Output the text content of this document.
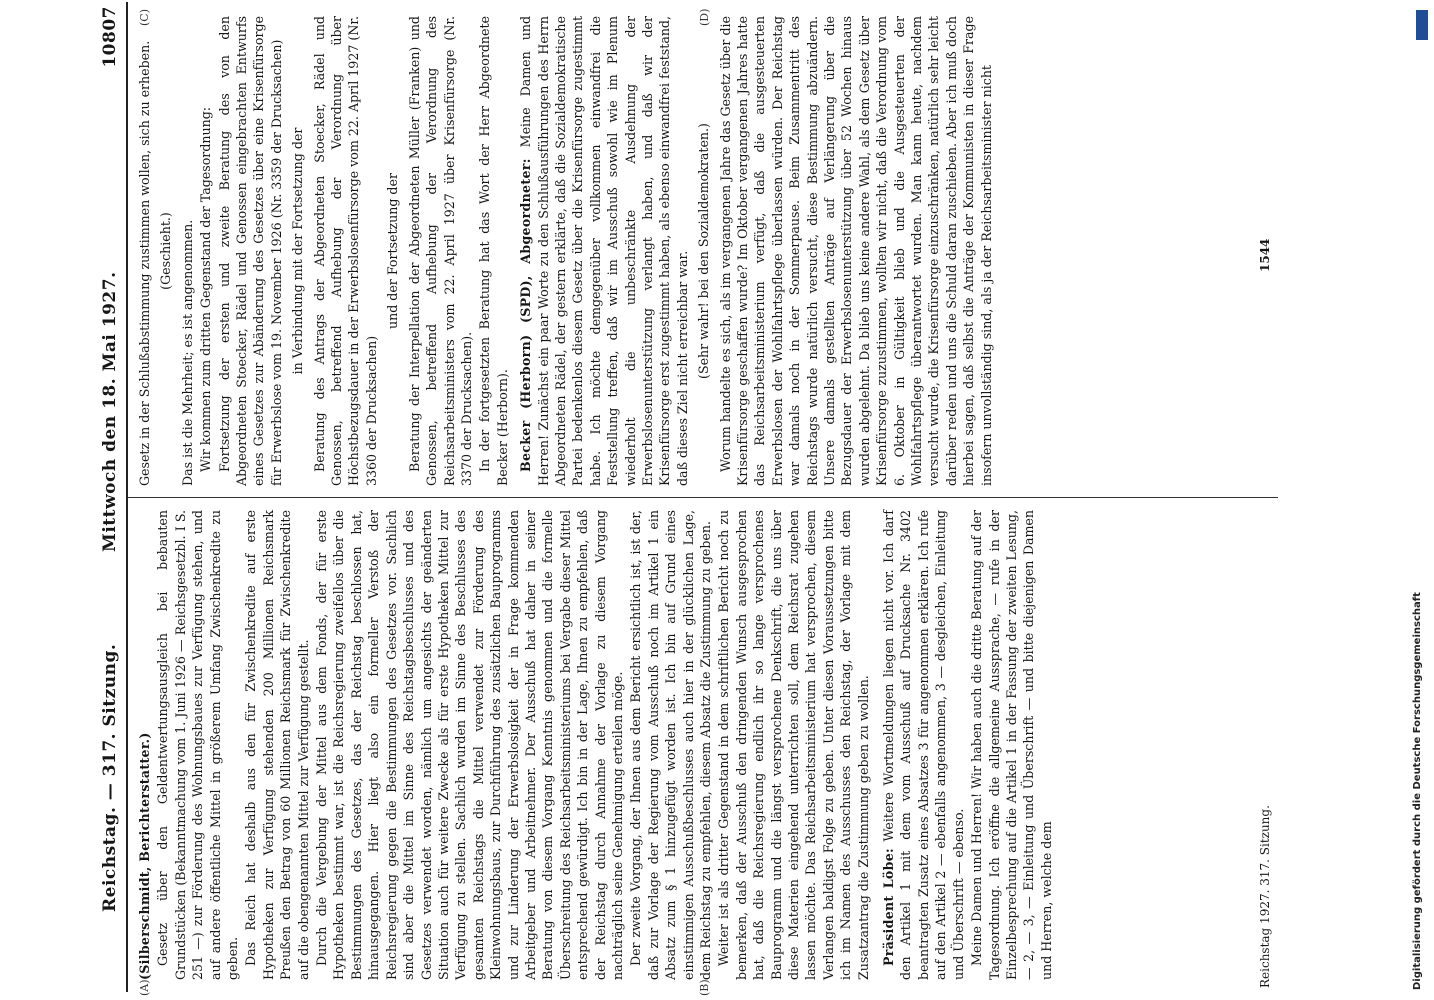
Reichstag. — 317. Sitzung.
Mittwoch den 18. Mai 1927.
10807
(A)	(B)
(C)	(D)

(Silberschmidt, Berichterstatter.) Gesetz über den Geldentwertungsausgleich bei bebauten Grundstücken (Bekanntmachung vom 1. Juni 1926 — Reichsgesetzbl. I S. 251 —) zur Förderung des Wohnungsbaues zur Verfügung stehen, und auf andere öffentliche Mittel in größerem Umfang Zwischenkredite zu geben. Das Reich hat deshalb aus den für Zwischenkredite auf erste Hypotheken zur Verfügung stehenden 200 Millionen Reichsmark Preußen den Betrag von 60 Millionen Reichsmark für Zwischenkredite auf die obengenannten Mittel zur Verfügung gestellt. Durch die Vergebung der Mittel aus dem Fonds, der für erste Hypotheken bestimmt war, ist die Reichsregierung zweifellos über die Bestimmungen des Gesetzes, das der Reichstag beschlossen hat, hinausgegangen. Hier liegt also ein formeller Verstoß der Reichsregierung gegen die Bestimmungen des Gesetzes vor. Sachlich sind aber die Mittel im Sinne des Reichstagsbeschlusses und des Gesetzes verwendet worden, nämlich um angesichts der geänderten Situation auch für weitere Zwecke als für erste Hypotheken Mittel zur Verfügung zu stellen. Sachlich wurden im Sinne des Beschlusses des gesamten Reichstags die Mittel verwendet zur Förderung des Kleinwohnungsbaus, zur Durchführung des zusätzlichen Bauprogramms und zur Linderung der Erwerbslosigkeit der in Frage kommenden Arbeitgeber und Arbeitnehmer. Der Ausschuß hat daher in seiner Beratung von diesem Vorgang Kenntnis genommen und die formelle Überschreitung des Reichsarbeitsministeriums bei Vergabe dieser Mittel entsprechend gewürdigt. Ich bin in der Lage, Ihnen zu empfehlen, daß der Reichstag durch Annahme der Vorlage zu diesem Vorgang nachträglich seine Genehmigung erteilen möge. Der zweite Vorgang, der Ihnen aus dem Bericht ersichtlich ist, ist der, daß zur Vorlage der Regierung vom Ausschuß noch im Artikel 1 ein Absatz zum § 1 hinzugefügt worden ist. Ich bin auf Grund eines einstimmigen Ausschußbeschlusses auch hier in der glücklichen Lage, dem Reichstag zu empfehlen, diesem Absatz die Zustimmung zu geben. Weiter ist als dritter Gegenstand in dem schriftlichen Bericht noch zu bemerken, daß der Ausschuß den dringenden Wunsch ausgesprochen hat, daß die Reichsregierung endlich ihr so lange versprochenes Bauprogramm und die längst versprochene Denkschrift, die uns über diese Materien eingehend unterrichten soll, dem Reichsrat zugehen lassen möchte. Das Reichsarbeitsministerium hat versprochen, diesem Verlangen baldigst Folge zu geben. Unter diesen Voraussetzungen bitte ich im Namen des Ausschusses den Reichstag, der Vorlage mit dem Zusatzantrag die Zustimmung geben zu wollen. Präsident Löbe: Weitere Wortmeldungen liegen nicht vor. Ich darf den Artikel 1 mit dem vom Ausschuß auf Drucksache Nr. 3402 beantragten Zusatz eines Absatzes 3 für angenommen erklären. Ich rufe auf den Artikel 2 — ebenfalls angenommen, 3 — desgleichen, Einleitung und Überschrift — ebenso. Meine Damen und Herren! Wir haben auch die dritte Beratung auf der Tagesordnung. Ich eröffne die allgemeine Aussprache, — rufe in der Einzelbesprechung auf die Artikel 1 in der Fassung der zweiten Lesung, — 2, — 3, — Einleitung und Überschrift — und bitte diejenigen Damen und Herren, welche dem

Gesetz in der Schlußabstimmung zustimmen wollen, sich zu erheben. (Geschieht.) Das ist die Mehrheit; es ist angenommen. Wir kommen zum dritten Gegenstand der Tagesordnung: Fortsetzung der ersten und zweite Beratung des von den Abgeordneten Stoecker, Rädel und Genossen eingebrachten Entwurfs eines Gesetzes zur Abänderung des Gesetzes über eine Krisenfürsorge für Erwerbslose vom 19. November 1926 (Nr. 3359 der Drucksachen) in Verbindung mit der Fortsetzung der Beratung des Antrags der Abgeordneten Stoecker, Rädel und Genossen, betreffend Aufhebung der Verordnung über Höchstbezugsdauer in der Erwerbslosenfürsorge vom 22. April 1927 (Nr. 3360 der Drucksachen)

und der Fortsetzung der Beratung der Interpellation der Abgeordneten Müller (Franken) und Genossen, betreffend Aufhebung der Verordnung des Reichsarbeitsministers vom 22. April 1927 über Krisenfürsorge (Nr. 3370 der Drucksachen). In der fortgesetzten Beratung hat das Wort der Herr Abgeordnete Becker (Herborn). Becker (Herborn) (SPD), Abgeordneter: Meine Damen und Herren! Zunächst ein paar Worte zu den Schlußausführungen des Herrn Abgeordneten Rädel, der gestern erklärte, daß die Sozialdemokratische Partei bedenkenlos diesem Gesetz über die Krisenfürsorge zugestimmt habe. Ich möchte demgegenüber vollkommen einwandfrei die Feststellung treffen, daß wir im Ausschuß sowohl wie im Plenum wiederholt die unbeschränkte Ausdehnung der Erwerbslosenunterstützung verlangt haben, und daß wir der Krisenfürsorge erst zugestimmt haben, als ebenso einwandfrei feststand, daß dieses Ziel nicht erreichbar war. (Sehr wahr! bei den Sozialdemokraten.) Worum handelte es sich, als im vergangenen Jahre das Gesetz über die Krisenfürsorge geschaffen wurde? Im Oktober vergangenen Jahres hatte das Reichsarbeitsministerium verfügt, daß die ausgesteuerten Erwerbslosen der Wohlfahrtspflege überlassen würden. Der Reichstag war damals noch in der Sommerpause. Beim Zusammentritt des Reichstags wurde natürlich versucht, diese Bestimmung abzuändern. Unsere damals gestellten Anträge auf Verlängerung über die Bezugsdauer der Erwerbslosenunterstützung über 52 Wochen hinaus wurden abgelehnt. Da blieb uns keine andere Wahl, als dem Gesetz über Krisenfürsorge zuzustimmen, wollten wir nicht, daß die Verordnung vom 6. Oktober in Gültigkeit blieb und die Ausgesteuerten der Wohlfahrtspflege überantwortet wurden. Man kann heute, nachdem versucht wurde, die Krisenfürsorge einzuschränken, natürlich sehr leicht darüber reden und uns die Schuld daran zuschieben. Aber ich muß doch hierbei sagen, daß selbst die Anträge der Kommunisten in dieser Frage insofern unvollständig sind, als ja der Reichsarbeitsminister nicht

Reichstag 1927. 317. Sitzung.
1544
Digitalisierung gefördert durch die Deutsche Forschungsgemeinschaft
DFG
